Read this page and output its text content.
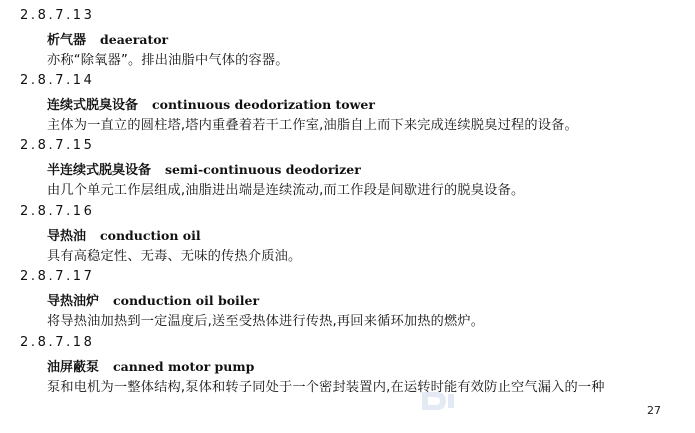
2.8.7.13
析气器 deaerator
亦称“除氧器”。排出油脂中气体的容器。
2.8.7.14
连续式脱臭设备 continuous deodorization tower
主体为一直立的圆柱塔,塔内重叠着若干工作室,油脂自上而下来完成连续脱臭过程的设备。
2.8.7.15
半连续式脱臭设备 semi-continuous deodorizer
由几个单元工作层组成,油脂进出端是连续流动,而工作段是间歇进行的脱臭设备。
2.8.7.16
导热油 conduction oil
具有高稳定性、无毒、无味的传热介质油。
2.8.7.17
导热油炉 conduction oil boiler
将导热油加热到一定温度后,送至受热体进行传热,再回来循环加热的燃炉。
2.8.7.18
油屏蔽泵 canned motor pump
泵和电机为一整体结构,泵体和转子同处于一个密封装置内,在运转时能有效防止空气漏入的一种
27
